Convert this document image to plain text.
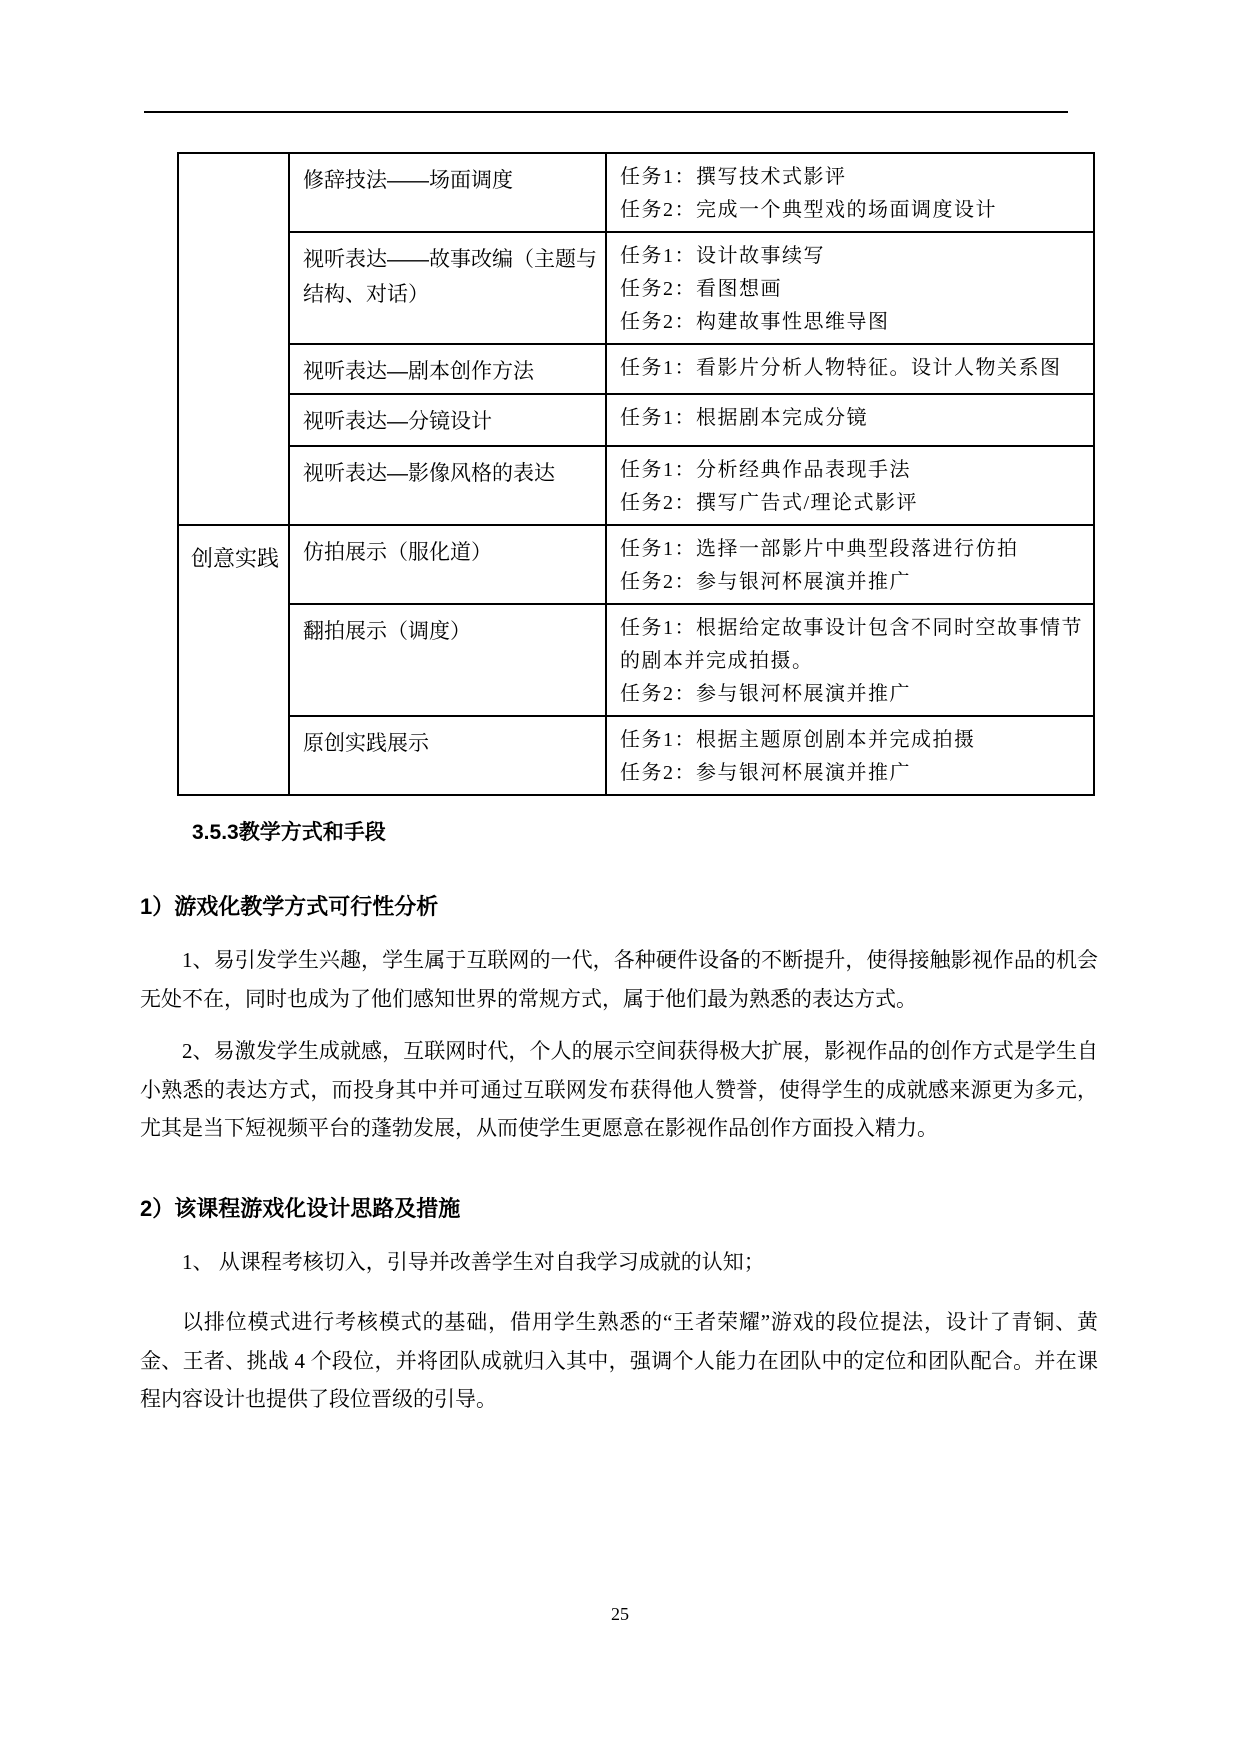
	修辞技法——场面调度	任务1：撰写技术式影评
任务2：完成一个典型戏的场面调度设计

	视听表达——故事改编（主题与结构、对话）	任务1：设计故事续写
任务2：看图想画
任务2：构建故事性思维导图

	视听表达—剧本创作方法	任务1：看影片分析人物特征。设计人物关系图

	视听表达—分镜设计	任务1：根据剧本完成分镜

	视听表达—影像风格的表达	任务1：分析经典作品表现手法
任务2：撰写广告式/理论式影评

创意实践	仿拍展示（服化道）	任务1：选择一部影片中典型段落进行仿拍
任务2：参与银河杯展演并推广

	翻拍展示（调度）	任务1：根据给定故事设计包含不同时空故事情节的剧本并完成拍摄。
任务2：参与银河杯展演并推广

	原创实践展示	任务1：根据主题原创剧本并完成拍摄
任务2：参与银河杯展演并推广
3.5.3教学方式和手段
1）游戏化教学方式可行性分析

1、易引发学生兴趣，学生属于互联网的一代，各种硬件设备的不断提升，使得接触影视作品的机会无处不在，同时也成为了他们感知世界的常规方式，属于他们最为熟悉的表达方式。

2、易激发学生成就感，互联网时代，个人的展示空间获得极大扩展，影视作品的创作方式是学生自小熟悉的表达方式，而投身其中并可通过互联网发布获得他人赞誉，使得学生的成就感来源更为多元，尤其是当下短视频平台的蓬勃发展，从而使学生更愿意在影视作品创作方面投入精力。

2）该课程游戏化设计思路及措施

1、 从课程考核切入，引导并改善学生对自我学习成就的认知；

以排位模式进行考核模式的基础，借用学生熟悉的“王者荣耀”游戏的段位提法，设计了青铜、黄金、王者、挑战 4 个段位，并将团队成就归入其中，强调个人能力在团队中的定位和团队配合。并在课程内容设计也提供了段位晋级的引导。

25
